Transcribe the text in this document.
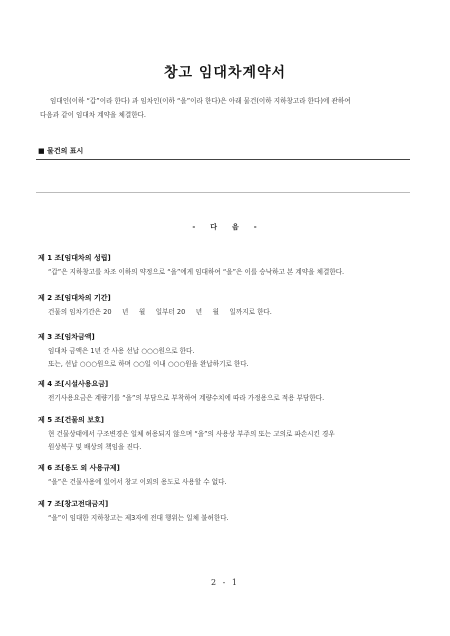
창고 임대차계약서

임대인(이하 “갑”이라 한다) 과 임차인(이하 “을”이라 한다)은 아래 물건(이하 지하창고라 한다)에 관하여

다음과 같이 임대차 계약을 체결한다.

■ 물건의 표시
- 다 음 -
제 1 조[임대차의 성립]

“갑”은 지하창고를 차조 이하의 약정으로 “을”에게 임대하여 “을”은 이를 승낙하고 본 계약을 체결한다.

제 2 조[임대차의 기간]

건물의 임차기간은 20     년     월     일부터 20     년     월     일까지로 한다.

제 3 조[임차금액]

임대차 금액은 1년 간 사용 선납 ○○○원으로 한다.

또는, 선납 ○○○원으로 하며 ○○일 이내 ○○○원을 완납하기로 한다.

제 4 조[시설사용요금]

전기사용요금은 계량기를 “을”의 부담으로 부착하여 계량수치에 따라 가정용으로 적용 부담한다.

제 5 조[건물의 보호]

현 건물상태에서 구조변경은 일체 허용되지 않으며 “을”의 사용상 부주의 또는 고의로 파손시킨 경우

원상복구 및 배상의 책임을 진다.

제 6 조[용도 외 사용규제]

“을”은 건물사용에 있어서 창고 이외의 용도로 사용할 수 없다.

제 7 조[창고전대금지]

“을”이 임대한 지하창고는 제3자에 전대 행위는 일체 불허한다.

2 - 1
